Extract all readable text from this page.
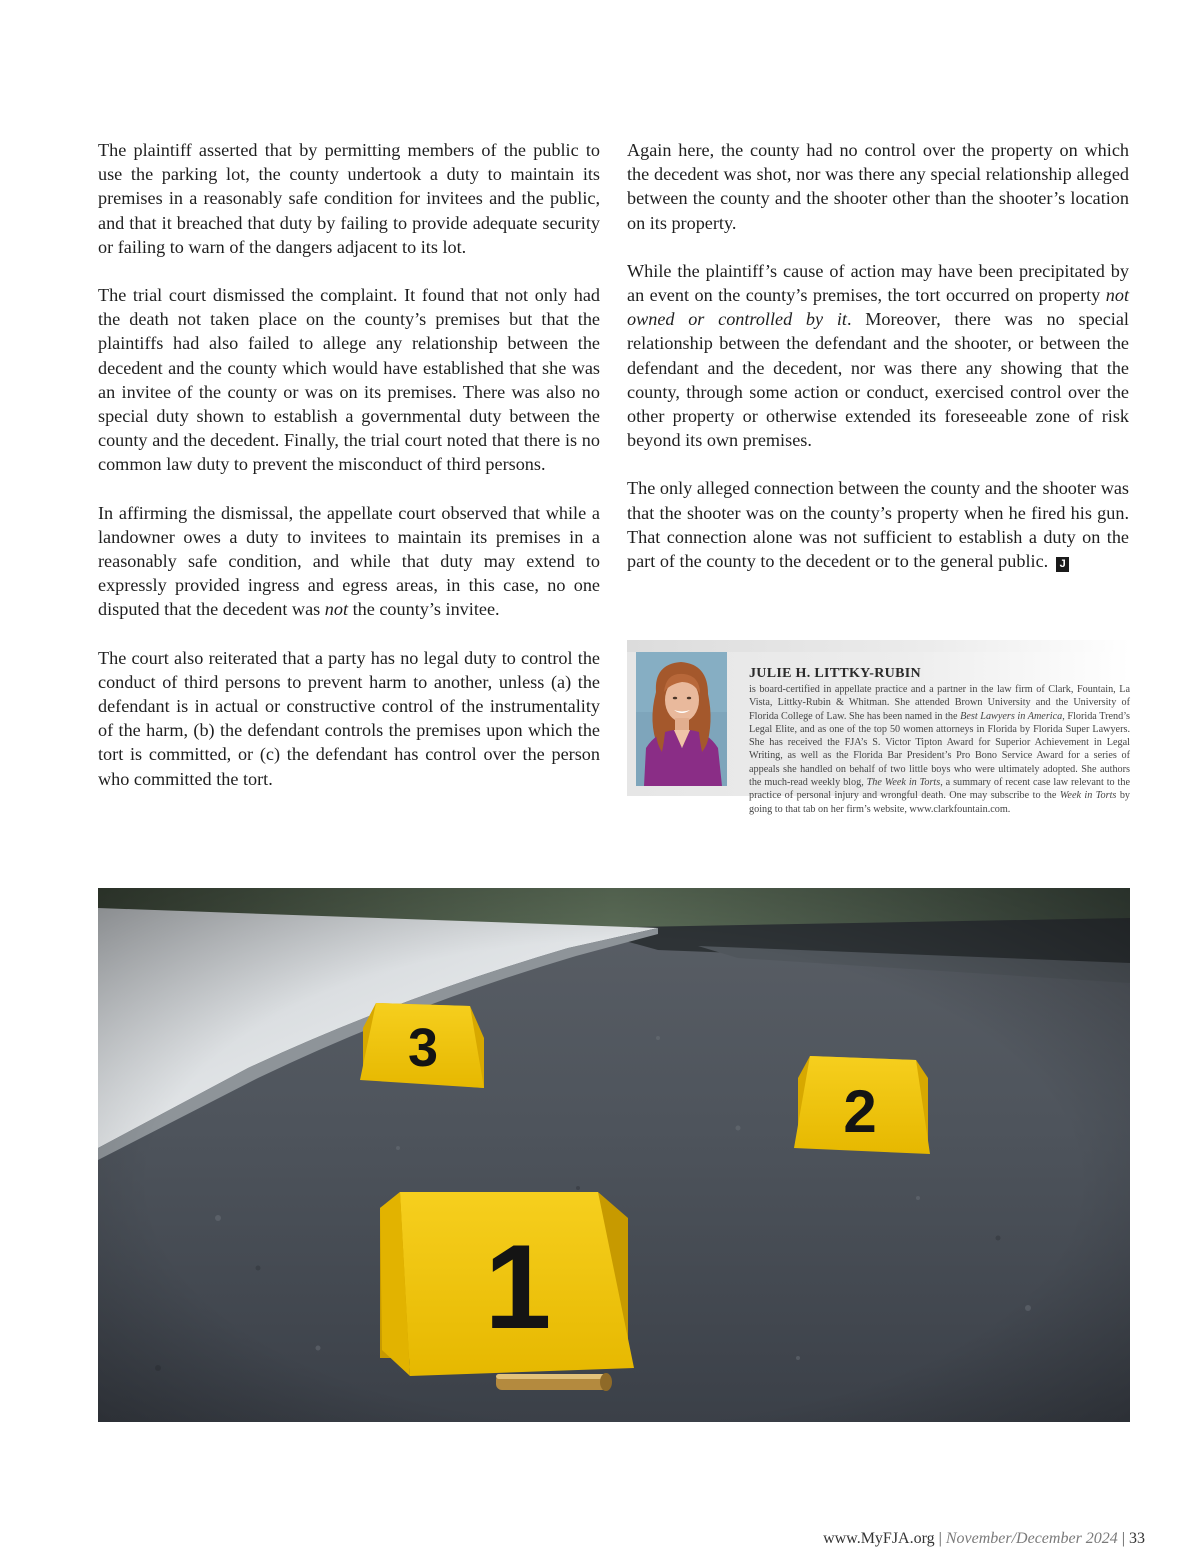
The plaintiff asserted that by permitting members of the public to use the parking lot, the county undertook a duty to maintain its premises in a reasonably safe condition for invitees and the public, and that it breached that duty by failing to provide adequate security or failing to warn of the dangers adjacent to its lot.

The trial court dismissed the complaint. It found that not only had the death not taken place on the county’s premises but that the plaintiffs had also failed to allege any relationship between the decedent and the county which would have established that she was an invitee of the county or was on its premises. There was also no special duty shown to establish a governmental duty between the county and the decedent. Finally, the trial court noted that there is no common law duty to prevent the misconduct of third persons.

In affirming the dismissal, the appellate court observed that while a landowner owes a duty to invitees to maintain its premises in a reasonably safe condition, and while that duty may extend to expressly provided ingress and egress areas, in this case, no one disputed that the decedent was not the county’s invitee.

The court also reiterated that a party has no legal duty to control the conduct of third persons to prevent harm to another, unless (a) the defendant is in actual or constructive control of the instrumentality of the harm, (b) the defendant controls the premises upon which the tort is committed, or (c) the defendant has control over the person who committed the tort.

Again here, the county had no control over the property on which the decedent was shot, nor was there any special relationship alleged between the county and the shooter other than the shooter’s location on its property.

While the plaintiff’s cause of action may have been precipitated by an event on the county’s premises, the tort occurred on property not owned or controlled by it. Moreover, there was no special relationship between the defendant and the shooter, or between the defendant and the decedent, nor was there any showing that the county, through some action or conduct, exercised control over the other property or otherwise extended its foreseeable zone of risk beyond its own premises.

The only alleged connection between the county and the shooter was that the shooter was on the county’s property when he fired his gun. That connection alone was not sufficient to establish a duty on the part of the county to the decedent or to the general public. J

JULIE H. LITTKY-RUBIN
is board-certified in appellate practice and a partner in the law firm of Clark, Fountain, La Vista, Littky-Rubin & Whitman. She attended Brown University and the University of Florida College of Law. She has been named in the Best Lawyers in America, Florida Trend’s Legal Elite, and as one of the top 50 women attorneys in Florida by Florida Super Lawyers. She has received the FJA’s S. Victor Tipton Award for Superior Achievement in Legal Writing, as well as the Florida Bar President’s Pro Bono Service Award for a series of appeals she handled on behalf of two little boys who were ultimately adopted. She authors the much-read weekly blog, The Week in Torts, a summary of recent case law relevant to the practice of personal injury and wrongful death. One may subscribe to the Week in Torts by going to that tab on her firm’s website, www.clarkfountain.com.
www.MyFJA.org | November/December 2024 | 33
